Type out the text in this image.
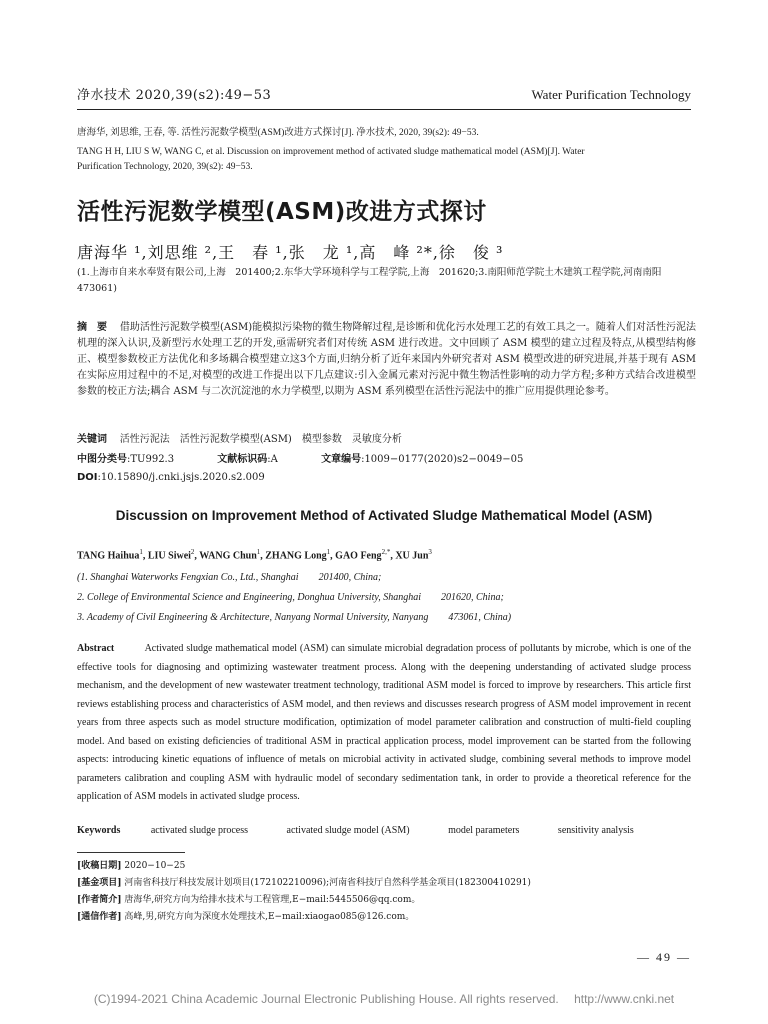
净水技术 2020,39(s2):49−53	Water Purification Technology
唐海华, 刘思维, 王春, 等. 活性污泥数学模型(ASM)改进方式探讨[J]. 净水技术, 2020, 39(s2): 49−53.
TANG H H, LIU S W, WANG C, et al. Discussion on improvement method of activated sludge mathematical model (ASM)[J]. Water
Purification Technology, 2020, 39(s2): 49−53.
活性污泥数学模型(ASM)改进方式探讨
唐海华 ¹,刘思维 ²,王　春 ¹,张　龙 ¹,高　峰 ²*,徐　俊 ³
(1.上海市自来水奉贤有限公司,上海　201400;2.东华大学环境科学与工程学院,上海　201620;3.南阳师范学院土木建筑工程学院,河南南阳　473061)
摘　要 借助活性污泥数学模型(ASM)能模拟污染物的微生物降解过程,是诊断和优化污水处理工艺的有效工具之一。随着人们对活性污泥法机理的深入认识,及新型污水处理工艺的开发,亟需研究者们对传统 ASM 进行改进。文中回顾了 ASM 模型的建立过程及特点,从模型结构修正、模型参数校正方法优化和多场耦合模型建立这3个方面,归纳分析了近年来国内外研究者对 ASM 模型改进的研究进展,并基于现有 ASM 在实际应用过程中的不足,对模型的改进工作提出以下几点建议:引入金属元素对污泥中微生物活性影响的动力学方程;多种方式结合改进模型参数的校正方法;耦合 ASM 与二次沉淀池的水力学模型,以期为 ASM 系列模型在活性污泥法中的推广应用提供理论参考。
关键词 活性污泥法　活性污泥数学模型(ASM)　模型参数　灵敏度分析
中图分类号:TU992.3	文献标识码:A	文章编号:1009−0177(2020)s2−0049−05
DOI:10.15890/j.cnki.jsjs.2020.s2.009
Discussion on Improvement Method of Activated Sludge Mathematical Model (ASM)
TANG Haihua$^1$, LIU Siwei$^2$, WANG Chun$^1$, ZHANG Long$^1$, GAO Feng$^{2,*}$, XU Jun$^3$
(1. Shanghai Waterworks Fengxian Co., Ltd., Shanghai　　201400, China;
2. College of Environmental Science and Engineering, Donghua University, Shanghai　　201620, China;
3. Academy of Civil Engineering & Architecture, Nanyang Normal University, Nanyang　　473061, China)
Abstract	Activated sludge mathematical model (ASM) can simulate microbial degradation process of pollutants by microbe, which is one of the effective tools for diagnosing and optimizing wastewater treatment process. Along with the deepening understanding of activated sludge process mechanism, and the development of new wastewater treatment technology, traditional ASM model is forced to improve by researchers. This article first reviews establishing process and characteristics of ASM model, and then reviews and discusses research progress of ASM model improvement in recent years from three aspects such as model structure modification, optimization of model parameter calibration and construction of multi-field coupling model. And based on existing deficiencies of traditional ASM in practical application process, model improvement can be started from the following aspects: introducing kinetic equations of influence of metals on microbial activity in activated sludge, combining several methods to improve model parameters calibration and coupling ASM with hydraulic model of secondary sedimentation tank, in order to provide a theoretical reference for the application of ASM models in activated sludge process.
Keywords	activated sludge process	activated sludge model (ASM)	model parameters	sensitivity analysis
[收稿日期] 2020−10−25
[基金项目] 河南省科技厅科技发展计划项目(172102210096);河南省科技厅自然科学基金项目(182300410291)
[作者简介] 唐海华,研究方向为给排水技术与工程管理,E−mail:5445506@qq.com。
[通信作者] 高峰,男,研究方向为深度水处理技术,E−mail:xiaogao085@126.com。
— 49 —
(C)1994-2021 China Academic Journal Electronic Publishing House. All rights reserved.　 http://www.cnki.net
